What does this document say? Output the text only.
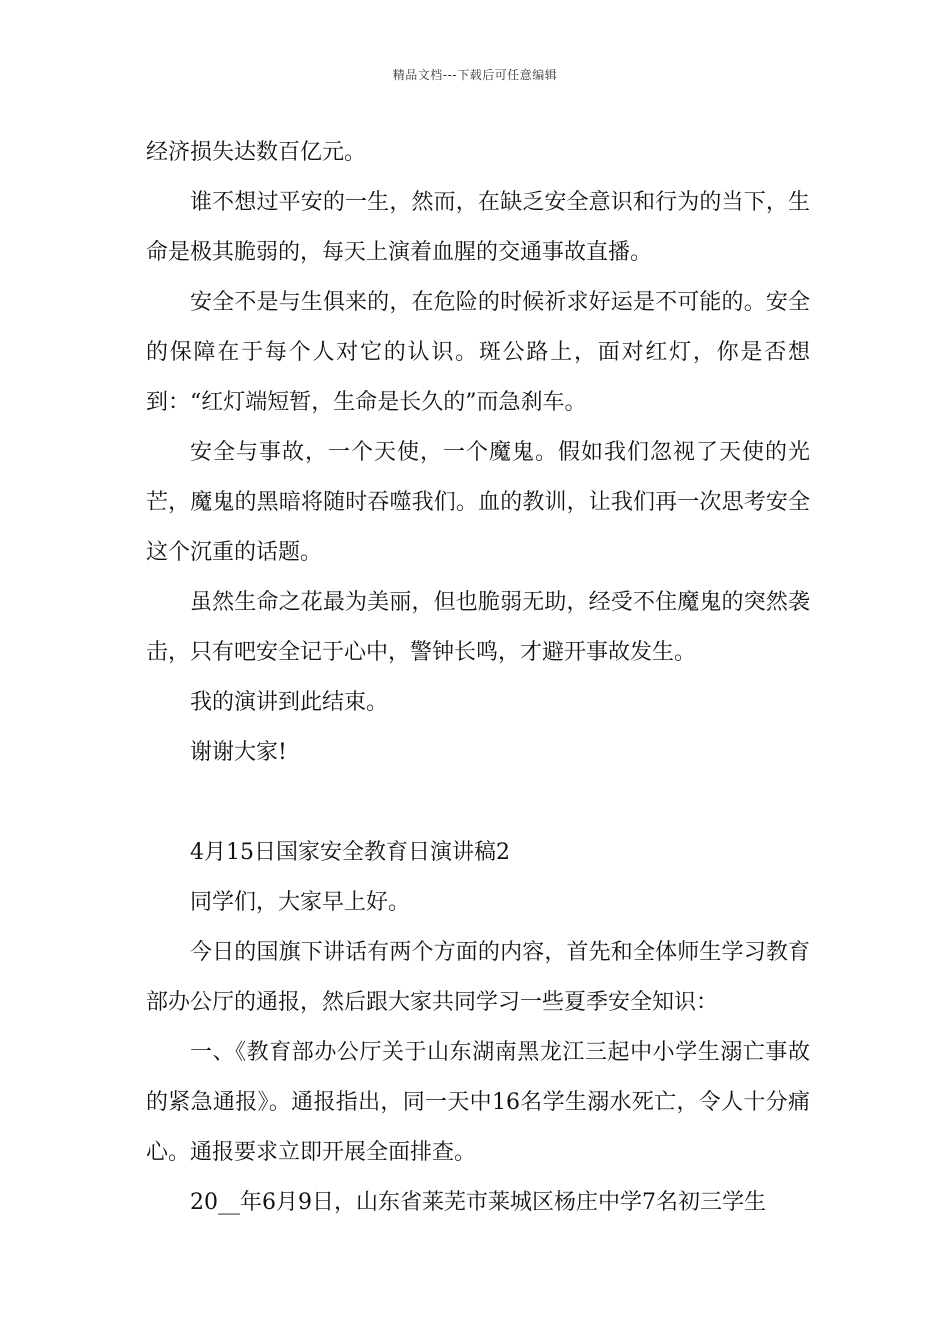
精品文档---下载后可任意编辑

经济损失达数百亿元。

谁不想过平安的一生，然而，在缺乏安全意识和行为的当下，生命是极其脆弱的，每天上演着血腥的交通事故直播。

安全不是与生俱来的，在危险的时候祈求好运是不可能的。安全的保障在于每个人对它的认识。斑公路上，面对红灯，你是否想到：“红灯端短暂，生命是长久的”而急刹车。

安全与事故，一个天使，一个魔鬼。假如我们忽视了天使的光芒，魔鬼的黑暗将随时吞噬我们。血的教训，让我们再一次思考安全这个沉重的话题。

虽然生命之花最为美丽，但也脆弱无助，经受不住魔鬼的突然袭击，只有吧安全记于心中，警钟长鸣，才避开事故发生。

我的演讲到此结束。

谢谢大家!

4月15日国家安全教育日演讲稿2

同学们，大家早上好。

今日的国旗下讲话有两个方面的内容，首先和全体师生学习教育部办公厅的通报，然后跟大家共同学习一些夏季安全知识：

一、《教育部办公厅关于山东湖南黑龙江三起中小学生溺亡事故的紧急通报》。通报指出，同一天中16名学生溺水死亡，令人十分痛心。通报要求立即开展全面排查。

20__年6月9日，山东省莱芜市莱城区杨庄中学7名初三学生
